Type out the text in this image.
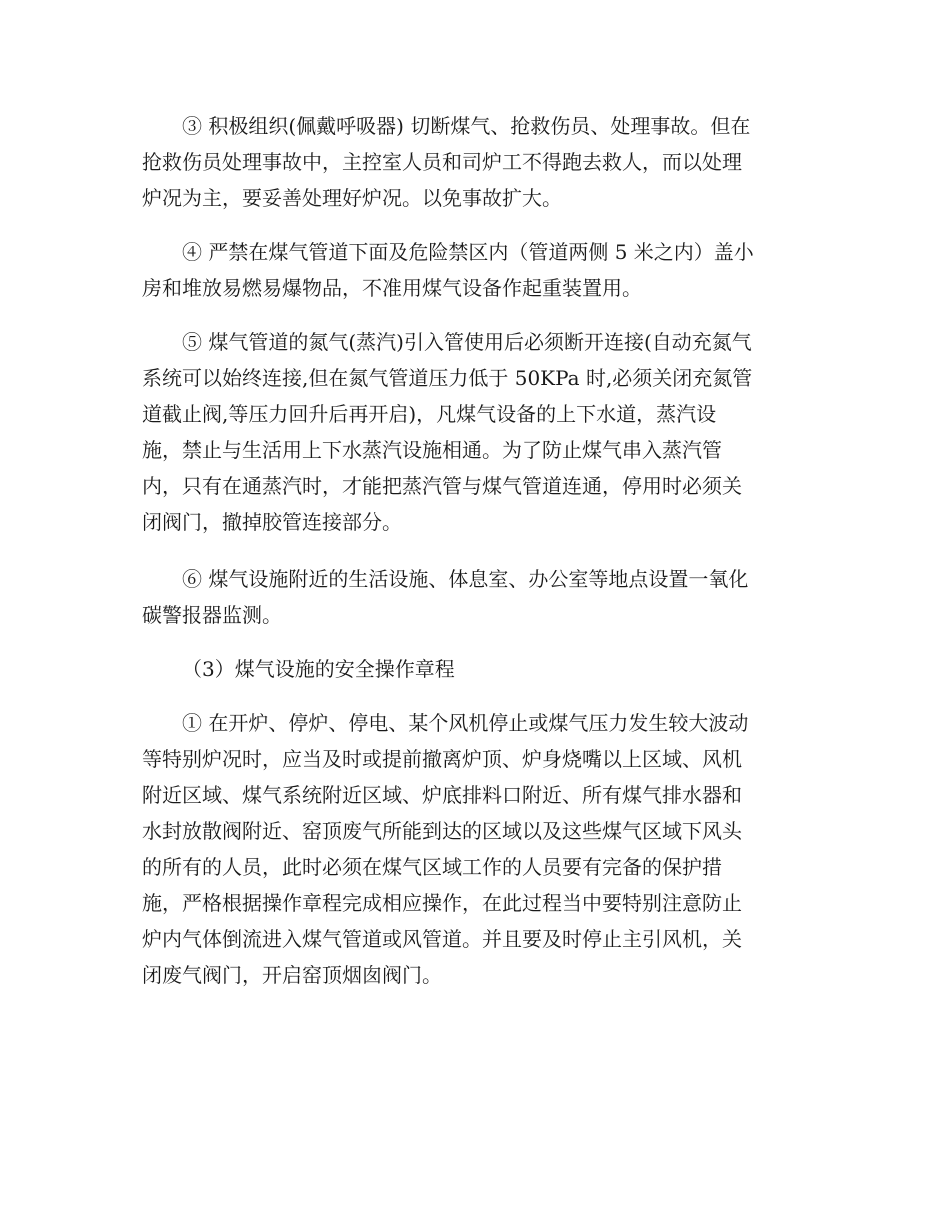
③ 积极组织(佩戴呼吸器) 切断煤气、抢救伤员、处理事故。但在
抢救伤员处理事故中，主控室人员和司炉工不得跑去救人，而以处理
炉况为主，要妥善处理好炉况。以免事故扩大。
④ 严禁在煤气管道下面及危险禁区内（管道两侧 5 米之内）盖小
房和堆放易燃易爆物品，不准用煤气设备作起重装置用。
⑤ 煤气管道的氮气(蒸汽)引入管使用后必须断开连接(自动充氮气
系统可以始终连接,但在氮气管道压力低于 50KPa 时,必须关闭充氮管
道截止阀,等压力回升后再开启)，凡煤气设备的上下水道，蒸汽设
施，禁止与生活用上下水蒸汽设施相通。为了防止煤气串入蒸汽管
内，只有在通蒸汽时，才能把蒸汽管与煤气管道连通，停用时必须关
闭阀门，撤掉胶管连接部分。
⑥ 煤气设施附近的生活设施、体息室、办公室等地点设置一氧化
碳警报器监测。
（3）煤气设施的安全操作章程
① 在开炉、停炉、停电、某个风机停止或煤气压力发生较大波动
等特别炉况时，应当及时或提前撤离炉顶、炉身烧嘴以上区域、风机
附近区域、煤气系统附近区域、炉底排料口附近、所有煤气排水器和
水封放散阀附近、窑顶废气所能到达的区域以及这些煤气区域下风头
的所有的人员，此时必须在煤气区域工作的人员要有完备的保护措
施，严格根据操作章程完成相应操作，在此过程当中要特别注意防止
炉内气体倒流进入煤气管道或风管道。并且要及时停止主引风机，关
闭废气阀门，开启窑顶烟囱阀门。
